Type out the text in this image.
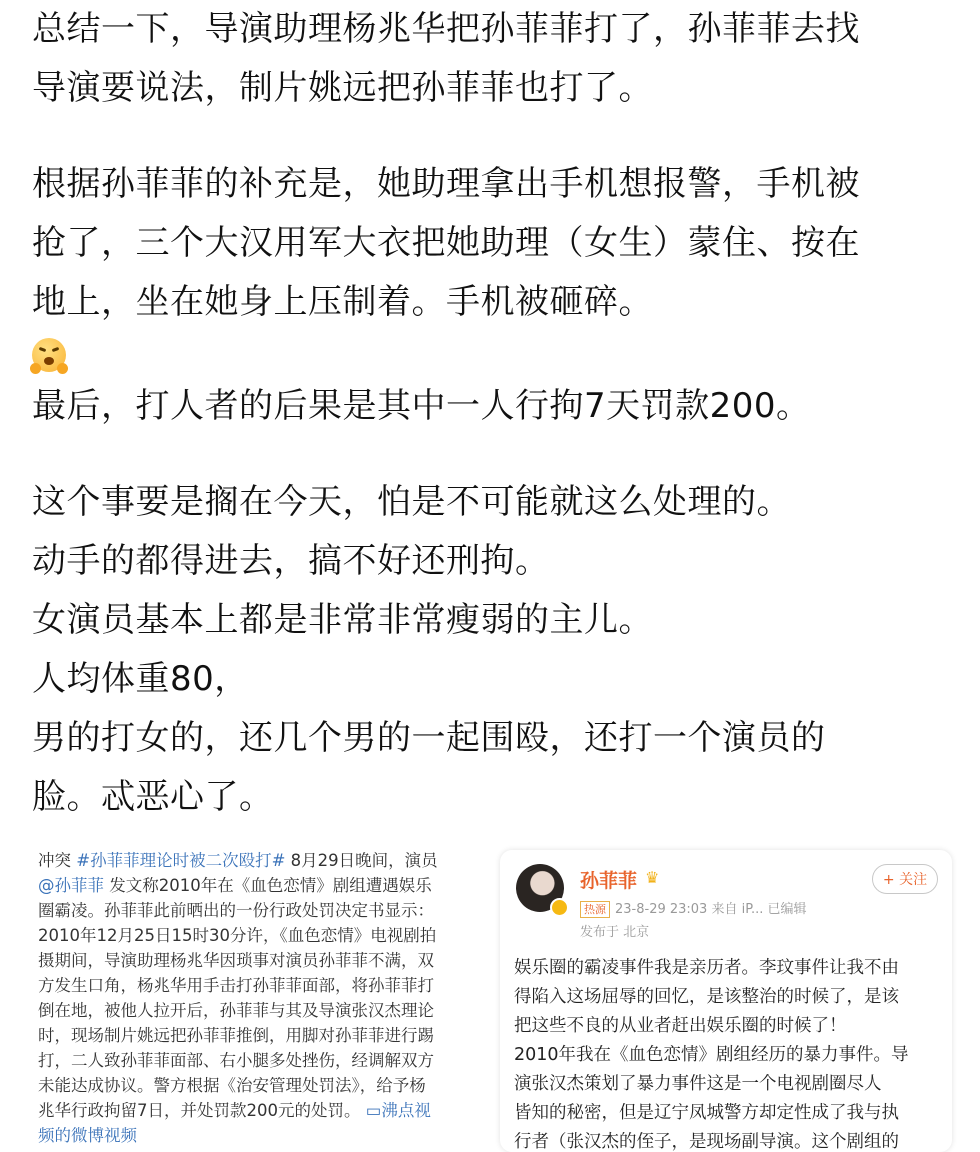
总结一下，导演助理杨兆华把孙菲菲打了，孙菲菲去找
导演要说法，制片姚远把孙菲菲也打了。
根据孙菲菲的补充是，她助理拿出手机想报警，手机被
抢了，三个大汉用军大衣把她助理（女生）蒙住、按在
地上，坐在她身上压制着。手机被砸碎。
最后，打人者的后果是其中一人行拘7天罚款200。
这个事要是搁在今天，怕是不可能就这么处理的。
动手的都得进去，搞不好还刑拘。
女演员基本上都是非常非常瘦弱的主儿。
人均体重80，
男的打女的，还几个男的一起围殴，还打一个演员的
脸。忒恶心了。
冲突 #孙菲菲理论时被二次殴打# 8月29日晚间，演员
@孙菲菲 发文称2010年在《血色恋情》剧组遭遇娱乐
圈霸凌。孙菲菲此前晒出的一份行政处罚决定书显示：
2010年12月25日15时30分许，《血色恋情》电视剧拍
摄期间，导演助理杨兆华因琐事对演员孙菲菲不满，双
方发生口角，杨兆华用手击打孙菲菲面部，将孙菲菲打
倒在地，被他人拉开后，孙菲菲与其及导演张汉杰理论
时，现场制片姚远把孙菲菲推倒，用脚对孙菲菲进行踢
打，二人致孙菲菲面部、右小腿多处挫伤，经调解双方
未能达成协议。警方根据《治安管理处罚法》，给予杨
兆华行政拘留7日，并处罚款200元的处罚。 ▭沸点视
频的微博视频
孙菲菲 ♛	+ 关注
热源 23-8-29 23:03 来自 iP... 已编辑
发布于 北京
娱乐圈的霸凌事件我是亲历者。李玟事件让我不由
得陷入这场屈辱的回忆，是该整治的时候了，是该
把这些不良的从业者赶出娱乐圈的时候了！
2010年我在《血色恋情》剧组经历的暴力事件。导
演张汉杰策划了暴力事件这是一个电视剧圈尽人
皆知的秘密，但是辽宁凤城警方却定性成了我与执
行者（张汉杰的侄子，是现场副导演。这个剧组的
